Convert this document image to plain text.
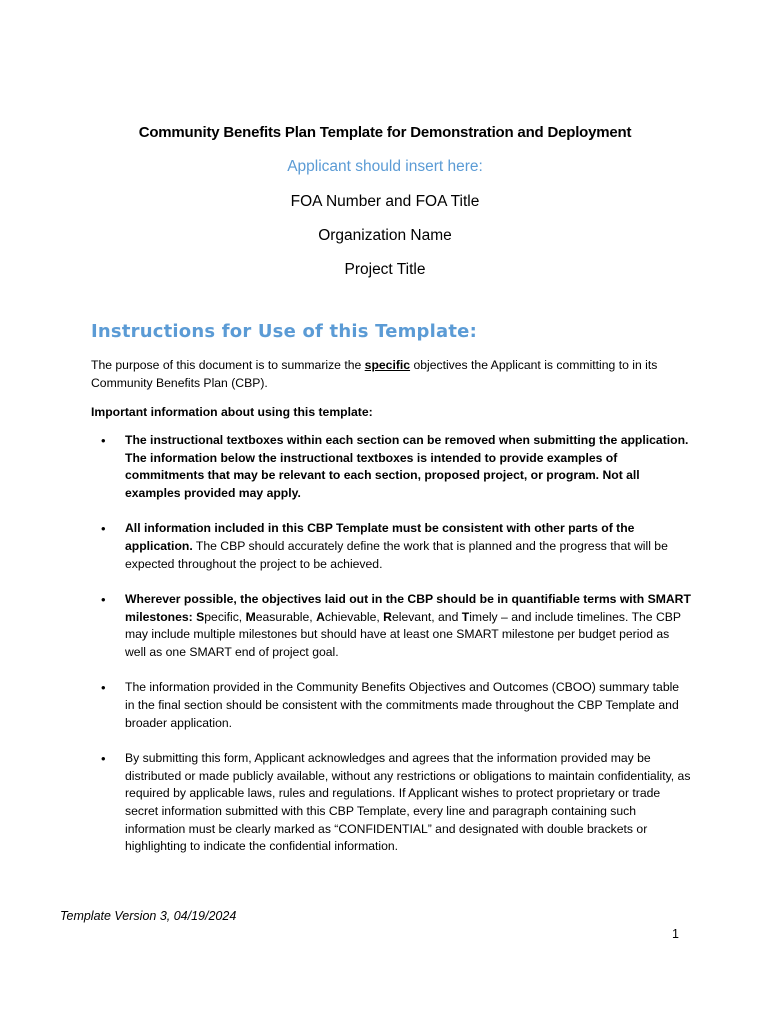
Community Benefits Plan Template for Demonstration and Deployment
Applicant should insert here:
FOA Number and FOA Title
Organization Name
Project Title
Instructions for Use of this Template:
The purpose of this document is to summarize the specific objectives the Applicant is committing to in its Community Benefits Plan (CBP).
Important information about using this template:
• The instructional textboxes within each section can be removed when submitting the application. The information below the instructional textboxes is intended to provide examples of commitments that may be relevant to each section, proposed project, or program. Not all examples provided may apply.
• All information included in this CBP Template must be consistent with other parts of the application. The CBP should accurately define the work that is planned and the progress that will be expected throughout the project to be achieved.
• Wherever possible, the objectives laid out in the CBP should be in quantifiable terms with SMART milestones: Specific, Measurable, Achievable, Relevant, and Timely – and include timelines. The CBP may include multiple milestones but should have at least one SMART milestone per budget period as well as one SMART end of project goal.
• The information provided in the Community Benefits Objectives and Outcomes (CBOO) summary table in the final section should be consistent with the commitments made throughout the CBP Template and broader application.
• By submitting this form, Applicant acknowledges and agrees that the information provided may be distributed or made publicly available, without any restrictions or obligations to maintain confidentiality, as required by applicable laws, rules and regulations. If Applicant wishes to protect proprietary or trade secret information submitted with this CBP Template, every line and paragraph containing such information must be clearly marked as “CONFIDENTIAL” and designated with double brackets or highlighting to indicate the confidential information.
Template Version 3, 04/19/2024
1
